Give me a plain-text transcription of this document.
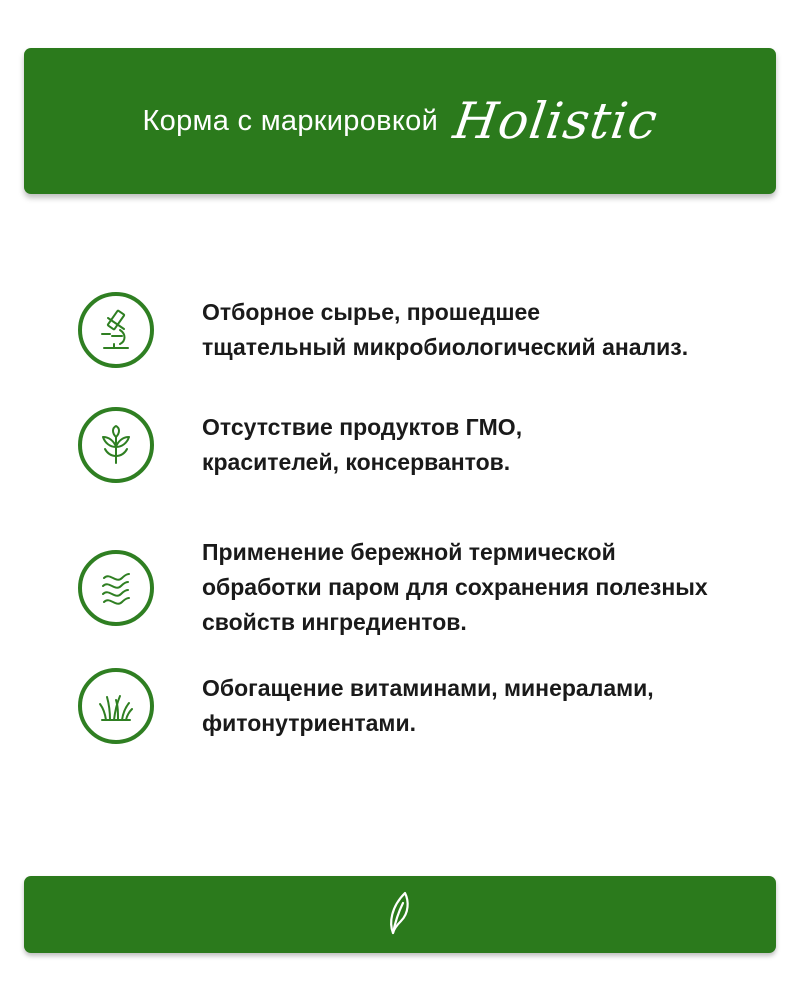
Корма с маркировкой Holistic
Отборное сырье, прошедшее
тщательный микробиологический анализ.
Отсутствие продуктов ГМО,
красителей, консервантов.
Применение бережной термической
обработки паром для сохранения полезных
свойств ингредиентов.
Обогащение витаминами, минералами,
фитонутриентами.
